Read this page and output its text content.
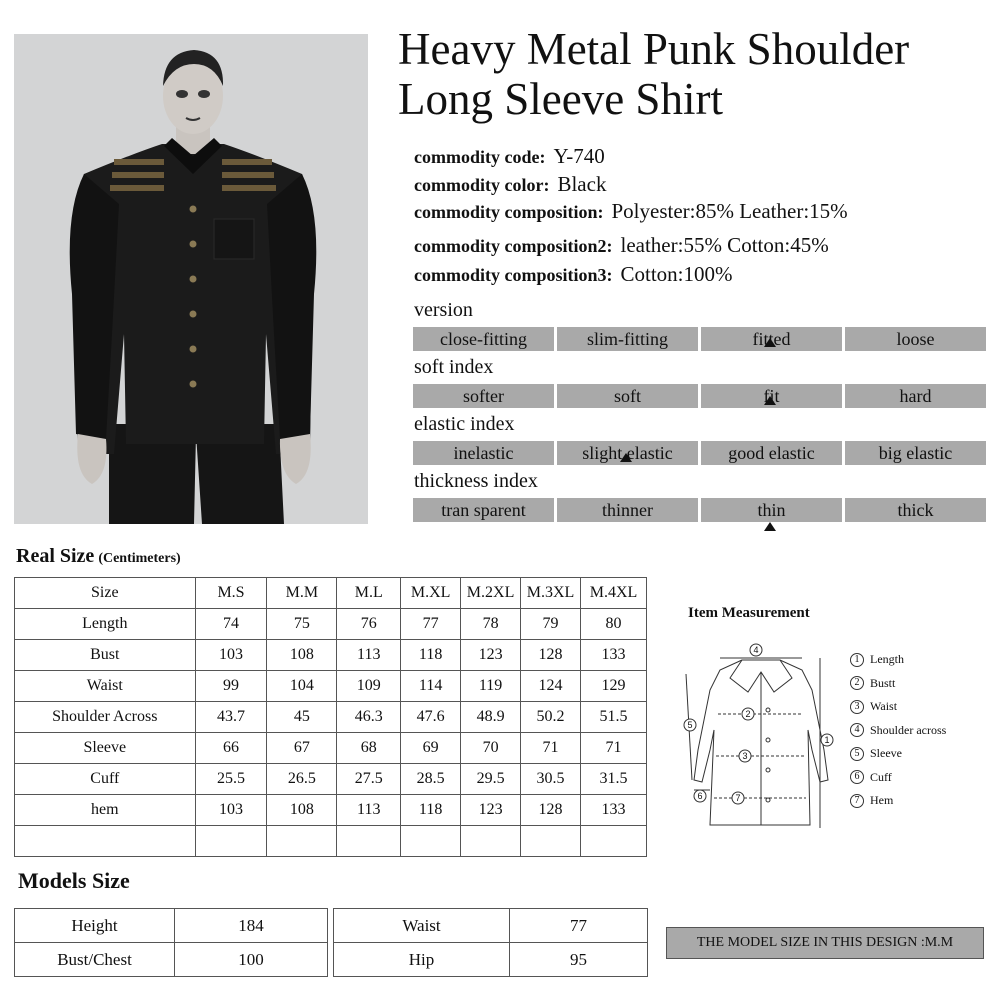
Heavy Metal Punk Shoulder Long Sleeve Shirt
commodity code: Y-740
commodity color: Black
commodity composition: Polyester:85% Leather:15%
commodity composition2: leather:55% Cotton:45%
commodity composition3: Cotton:100%
version
close-fitting	slim-fitting	fitted	loose
soft index
softer	soft	fit	hard
elastic index
inelastic	slight elastic	good elastic	big elastic
thickness index
tran sparent	thinner	thin	thick
Real Size (Centimeters)
Size	M.S	M.M	M.L	M.XL	M.2XL	M.3XL	M.4XL
Length	74	75	76	77	78	79	80
Bust	103	108	113	118	123	128	133
Waist	99	104	109	114	119	124	129
Shoulder Across	43.7	45	46.3	47.6	48.9	50.2	51.5
Sleeve	66	67	68	69	70	71	71
Cuff	25.5	26.5	27.5	28.5	29.5	30.5	31.5
hem	103	108	113	118	123	128	133

Item Measurement
4
2
3
1
5
6	7
1 Length
2 Bustt
3 Waist
4 Shoulder across
5 Sleeve
6 Cuff
7 Hem
Models Size
Height	184
Bust/Chest	100
Waist	77
Hip	95
THE MODEL SIZE IN THIS DESIGN :M.M
